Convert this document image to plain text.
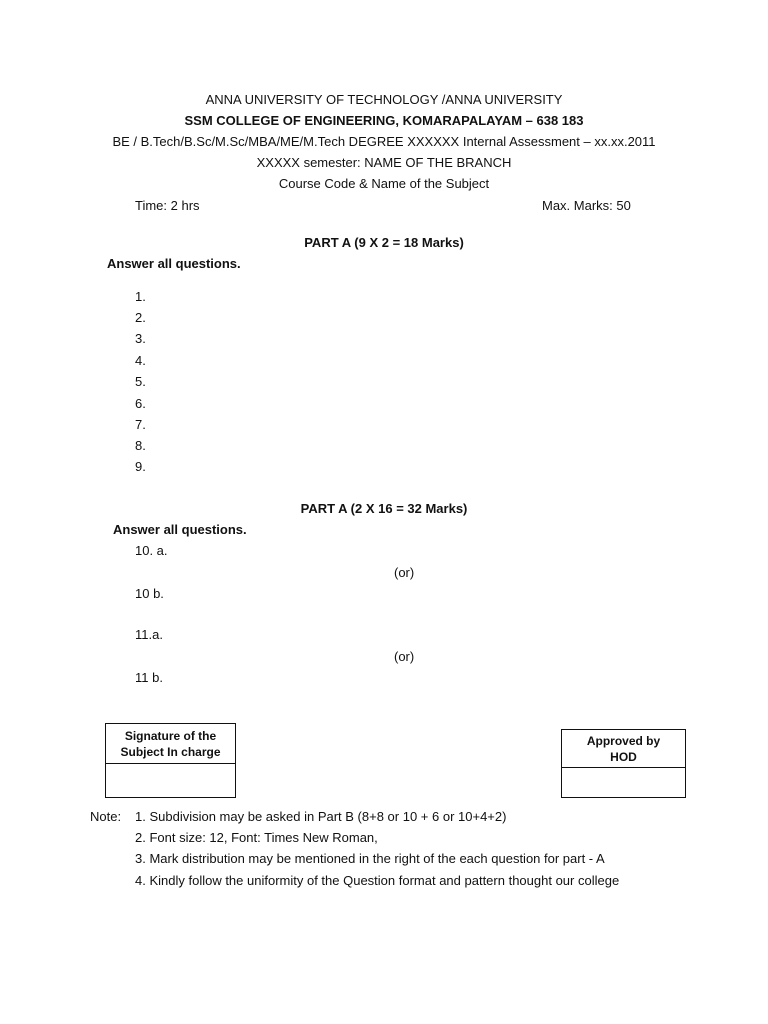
ANNA UNIVERSITY OF TECHNOLOGY /ANNA UNIVERSITY
SSM COLLEGE OF ENGINEERING, KOMARAPALAYAM – 638 183
BE / B.Tech/B.Sc/M.Sc/MBA/ME/M.Tech DEGREE XXXXXX Internal Assessment – xx.xx.2011
XXXXX semester: NAME OF THE BRANCH
Course Code & Name of the Subject
Time: 2 hrs	Max. Marks: 50
PART A (9 X 2 = 18 Marks)
Answer all questions.
1.
2.
3.
4.
5.
6.
7.
8.
9.
PART A (2 X 16 = 32 Marks)
Answer all questions.
10. a.
(or)
10 b.
11.a.
(or)
11 b.
Signature of the
Subject In charge
Approved by
HOD
Note: 1. Subdivision may be asked in Part B (8+8 or 10 + 6 or 10+4+2)
2. Font size: 12, Font: Times New Roman,
3. Mark distribution may be mentioned in the right of the each question for part - A
4. Kindly follow the uniformity of the Question format and pattern thought our college
